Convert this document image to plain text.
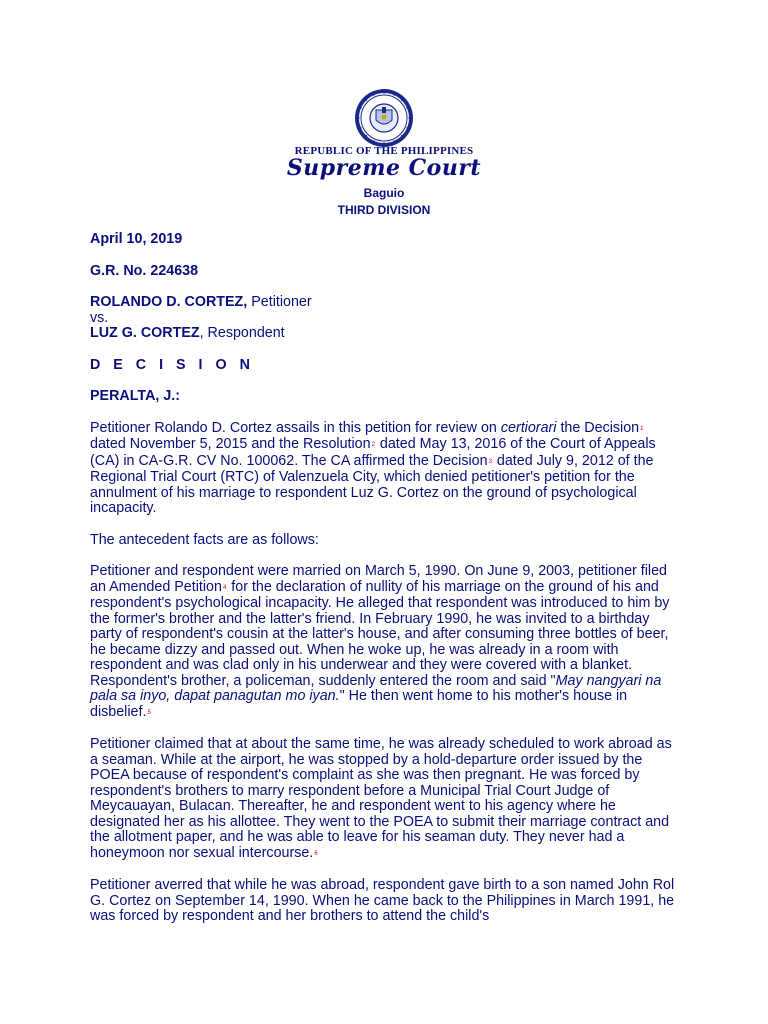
REPUBLIC OF THE PHILIPPINES
Supreme Court
Baguio
THIRD DIVISION

April 10, 2019

G.R. No. 224638

ROLANDO D. CORTEZ, Petitioner
vs.
LUZ G. CORTEZ, Respondent

D E C I S I O N

PERALTA, J.:

Petitioner Rolando D. Cortez assails in this petition for review on certiorari the Decision$^1$ dated November 5, 2015 and the Resolution$^2$ dated May 13, 2016 of the Court of Appeals (CA) in CA-G.R. CV No. 100062. The CA affirmed the Decision$^3$ dated July 9, 2012 of the Regional Trial Court (RTC) of Valenzuela City, which denied petitioner's petition for the annulment of his marriage to respondent Luz G. Cortez on the ground of psychological incapacity.

The antecedent facts are as follows:

Petitioner and respondent were married on March 5, 1990. On June 9, 2003, petitioner filed an Amended Petition$^4$ for the declaration of nullity of his marriage on the ground of his and respondent's psychological incapacity. He alleged that respondent was introduced to him by the former's brother and the latter's friend. In February 1990, he was invited to a birthday party of respondent's cousin at the latter's house, and after consuming three bottles of beer, he became dizzy and passed out. When he woke up, he was already in a room with respondent and was clad only in his underwear and they were covered with a blanket. Respondent's brother, a policeman, suddenly entered the room and said "May nangyari na pala sa inyo, dapat panagutan mo iyan." He then went home to his mother's house in disbelief.$^5$

Petitioner claimed that at about the same time, he was already scheduled to work abroad as a seaman. While at the airport, he was stopped by a hold-departure order issued by the POEA because of respondent's complaint as she was then pregnant. He was forced by respondent's brothers to marry respondent before a Municipal Trial Court Judge of Meycauayan, Bulacan. Thereafter, he and respondent went to his agency where he designated her as his allottee. They went to the POEA to submit their marriage contract and the allotment paper, and he was able to leave for his seaman duty. They never had a honeymoon nor sexual intercourse.$^6$

Petitioner averred that while he was abroad, respondent gave birth to a son named John Rol G. Cortez on September 14, 1990. When he came back to the Philippines in March 1991, he was forced by respondent and her brothers to attend the child's
